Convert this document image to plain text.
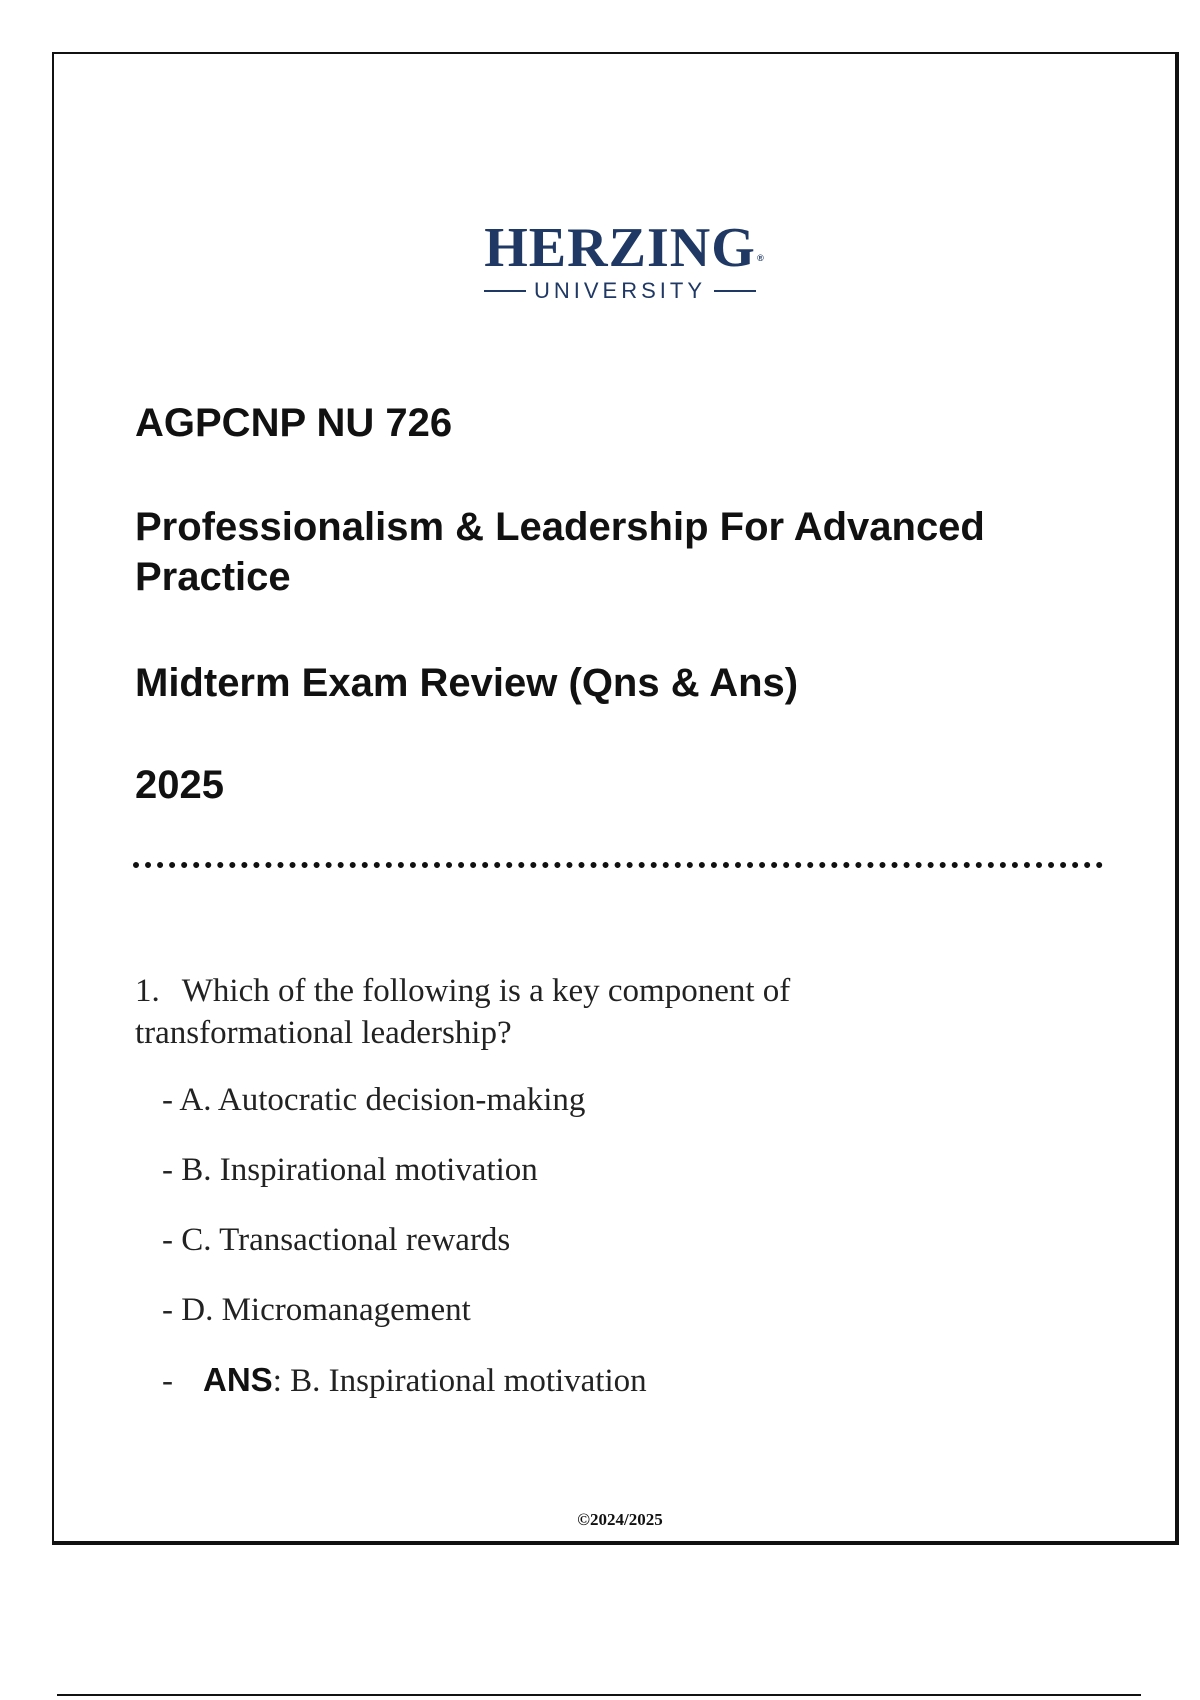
HERZING ®
UNIVERSITY
AGPCNP NU 726
Professionalism & Leadership For Advanced Practice
Midterm Exam Review (Qns & Ans)
2025
1. Which of the following is a key component of transformational leadership?
- A. Autocratic decision-making
- B. Inspirational motivation
- C. Transactional rewards
- D. Micromanagement
- ANS: B. Inspirational motivation
©2024/2025
